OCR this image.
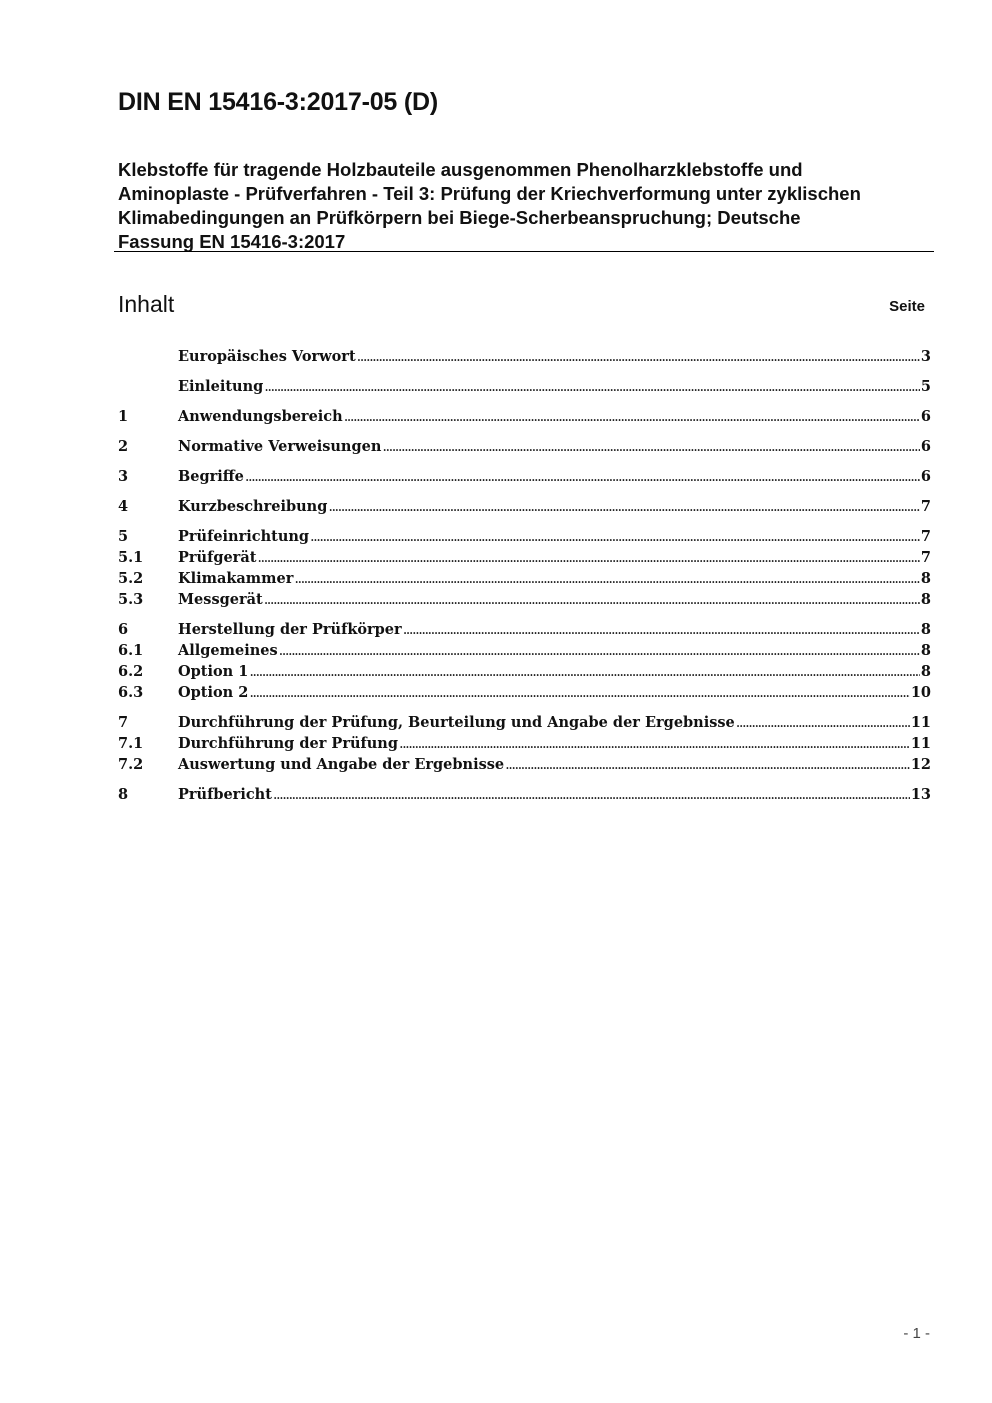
DIN EN 15416-3:2017-05 (D)
Klebstoffe für tragende Holzbauteile ausgenommen Phenolharzklebstoffe und
Aminoplaste - Prüfverfahren - Teil 3: Prüfung der Kriechverformung unter zyklischen
Klimabedingungen an Prüfkörpern bei Biege-Scherbeanspruchung; Deutsche
Fassung EN 15416-3:2017
Inhalt	Seite
Europäisches Vorwort .....	3
Einleitung .....	5
1	Anwendungsbereich .....	6
2	Normative Verweisungen .....	6
3	Begriffe .....	6
4	Kurzbeschreibung .....	7
5	Prüfeinrichtung .....	7
5.1	Prüfgerät .....	7
5.2	Klimakammer .....	8
5.3	Messgerät .....	8
6	Herstellung der Prüfkörper .....	8
6.1	Allgemeines .....	8
6.2	Option 1 .....	8
6.3	Option 2 .....	10
7	Durchführung der Prüfung, Beurteilung und Angabe der Ergebnisse .....	11
7.1	Durchführung der Prüfung .....	11
7.2	Auswertung und Angabe der Ergebnisse .....	12
8	Prüfbericht .....	13
- 1 -
